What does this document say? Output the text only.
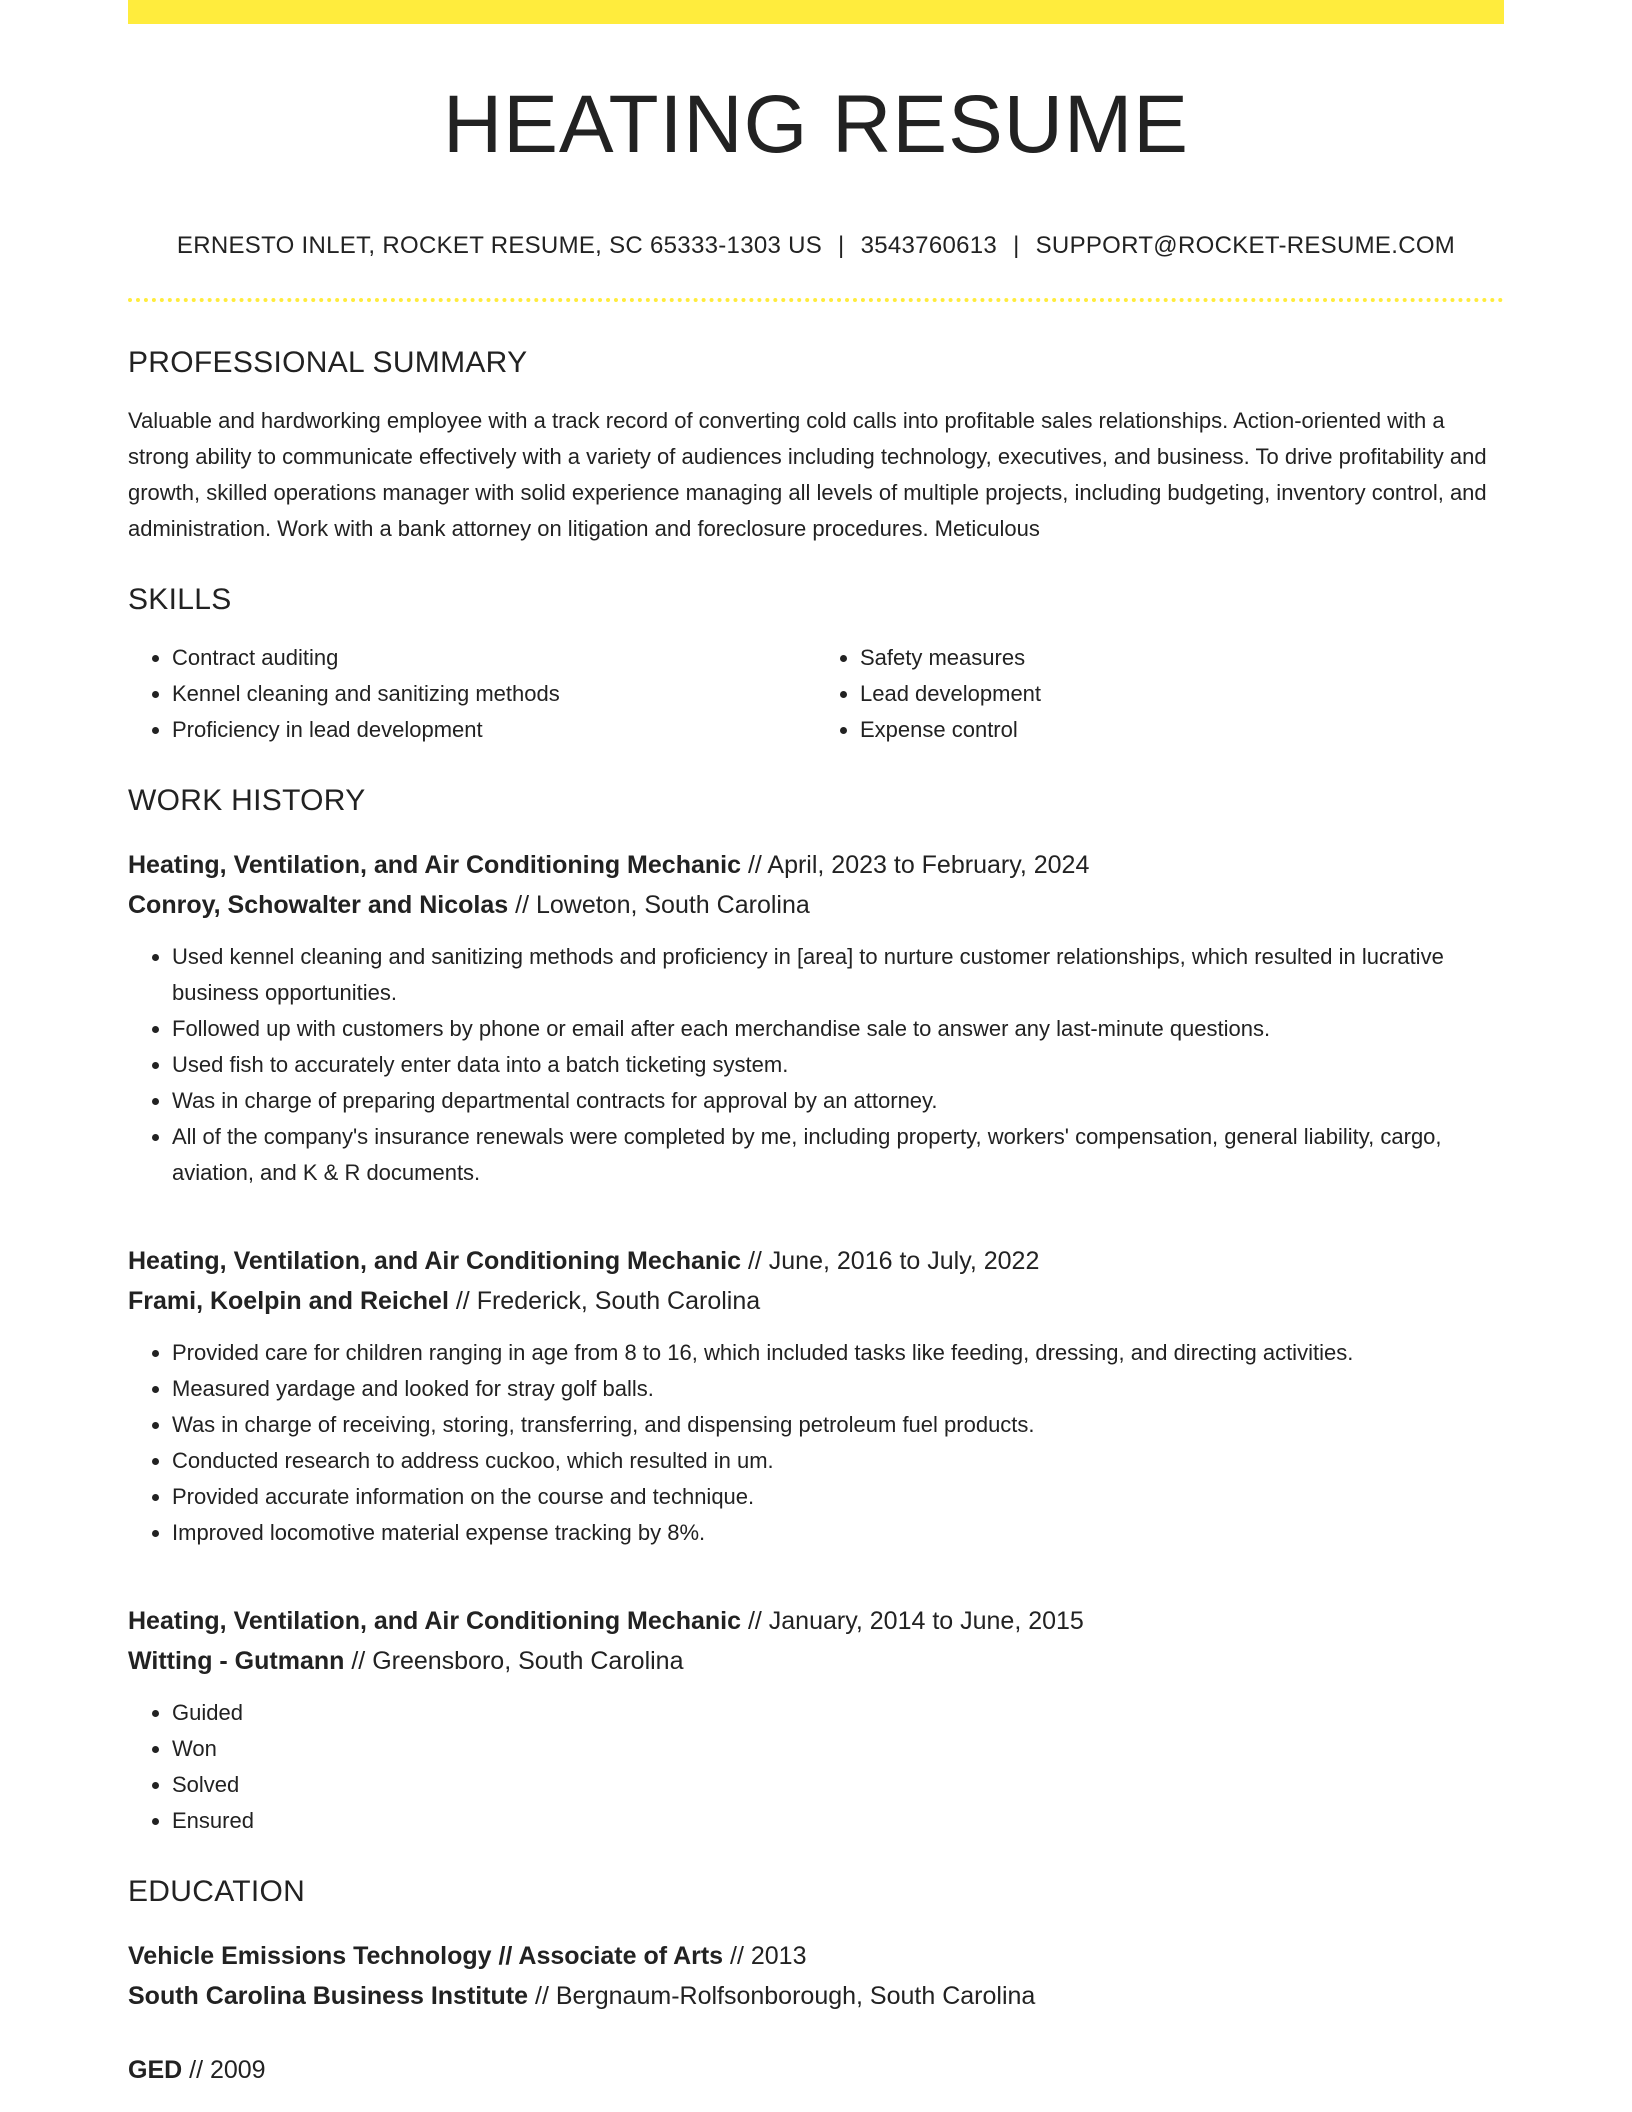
HEATING RESUME
ERNESTO INLET, ROCKET RESUME, SC 65333-1303 US | 3543760613 | SUPPORT@ROCKET-RESUME.COM
PROFESSIONAL SUMMARY
Valuable and hardworking employee with a track record of converting cold calls into profitable sales relationships. Action-oriented with a strong ability to communicate effectively with a variety of audiences including technology, executives, and business. To drive profitability and growth, skilled operations manager with solid experience managing all levels of multiple projects, including budgeting, inventory control, and administration. Work with a bank attorney on litigation and foreclosure procedures. Meticulous
SKILLS
• Contract auditing
• Kennel cleaning and sanitizing methods
• Proficiency in lead development
• Safety measures
• Lead development
• Expense control
WORK HISTORY
Heating, Ventilation, and Air Conditioning Mechanic // April, 2023 to February, 2024
Conroy, Schowalter and Nicolas // Loweton, South Carolina
• Used kennel cleaning and sanitizing methods and proficiency in [area] to nurture customer relationships, which resulted in lucrative business opportunities.
• Followed up with customers by phone or email after each merchandise sale to answer any last-minute questions.
• Used fish to accurately enter data into a batch ticketing system.
• Was in charge of preparing departmental contracts for approval by an attorney.
• All of the company's insurance renewals were completed by me, including property, workers' compensation, general liability, cargo, aviation, and K & R documents.
Heating, Ventilation, and Air Conditioning Mechanic // June, 2016 to July, 2022
Frami, Koelpin and Reichel // Frederick, South Carolina
• Provided care for children ranging in age from 8 to 16, which included tasks like feeding, dressing, and directing activities.
• Measured yardage and looked for stray golf balls.
• Was in charge of receiving, storing, transferring, and dispensing petroleum fuel products.
• Conducted research to address cuckoo, which resulted in um.
• Provided accurate information on the course and technique.
• Improved locomotive material expense tracking by 8%.
Heating, Ventilation, and Air Conditioning Mechanic // January, 2014 to June, 2015
Witting - Gutmann // Greensboro, South Carolina
• Guided
• Won
• Solved
• Ensured
EDUCATION
Vehicle Emissions Technology // Associate of Arts // 2013
South Carolina Business Institute // Bergnaum-Rolfsonborough, South Carolina
GED // 2009
